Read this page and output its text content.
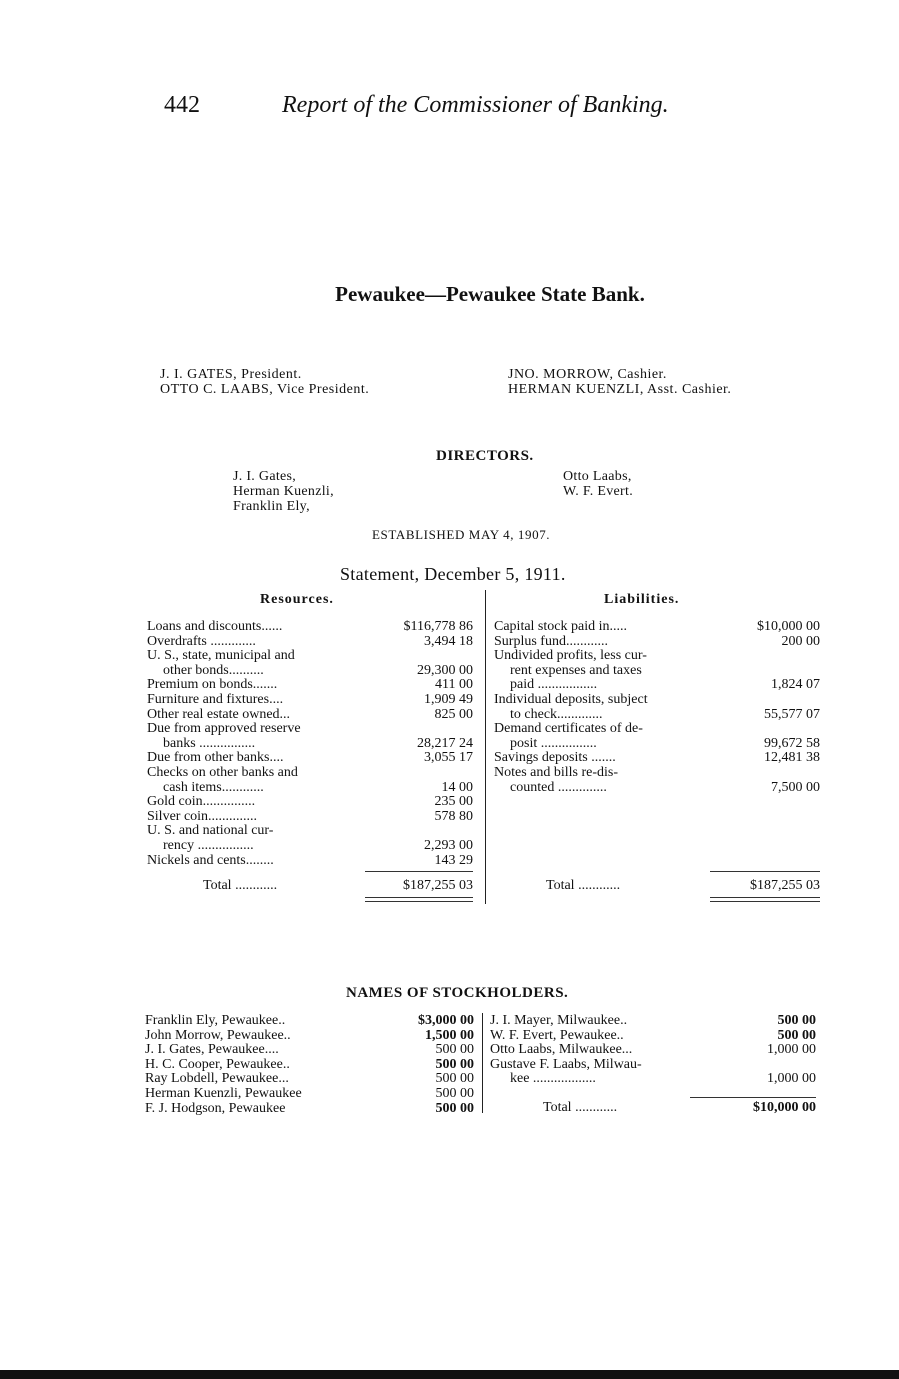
442	Report of the Commissioner of Banking.
Pewaukee—Pewaukee State Bank.
J. I. GATES, President.
OTTO C. LAABS, Vice President.
JNO. MORROW, Cashier.
HERMAN KUENZLI, Asst. Cashier.
DIRECTORS.
J. I. Gates,
Herman Kuenzli,
Franklin Ely,
Otto Laabs,
W. F. Evert.
ESTABLISHED MAY 4, 1907.
Statement, December 5, 1911.
Resources.	Liabilities.
Loans and discounts......	$116,778 86
Overdrafts .............	3,494 18
U. S., state, municipal and
other bonds..........	29,300 00
Premium on bonds.......	411 00
Furniture and fixtures....	1,909 49
Other real estate owned...	825 00
Due from approved reserve
banks ................	28,217 24
Due from other banks....	3,055 17
Checks on other banks and
cash items............	14 00
Gold coin...............	235 00
Silver coin..............	578 80
U. S. and national cur-
rency ................	2,293 00
Nickels and cents........	143 29
Total ............	$187,255 03
Capital stock paid in.....	$10,000 00
Surplus fund............	200 00
Undivided profits, less cur-
rent expenses and taxes
paid .................	1,824 07
Individual deposits, subject
to check.............	55,577 07
Demand certificates of de-
posit ................	99,672 58
Savings deposits .......	12,481 38
Notes and bills re-dis-
counted ..............	7,500 00
Total ............	$187,255 03
NAMES OF STOCKHOLDERS.
Franklin Ely, Pewaukee..	$3,000 00
John Morrow, Pewaukee..	1,500 00
J. I. Gates, Pewaukee....	500 00
H. C. Cooper, Pewaukee..	500 00
Ray Lobdell, Pewaukee...	500 00
Herman Kuenzli, Pewaukee	500 00
F. J. Hodgson, Pewaukee	500 00
J. I. Mayer, Milwaukee..	500 00
W. F. Evert, Pewaukee..	500 00
Otto Laabs, Milwaukee...	1,000 00
Gustave F. Laabs, Milwau-
kee ..................	1,000 00
Total ............	$10,000 00
